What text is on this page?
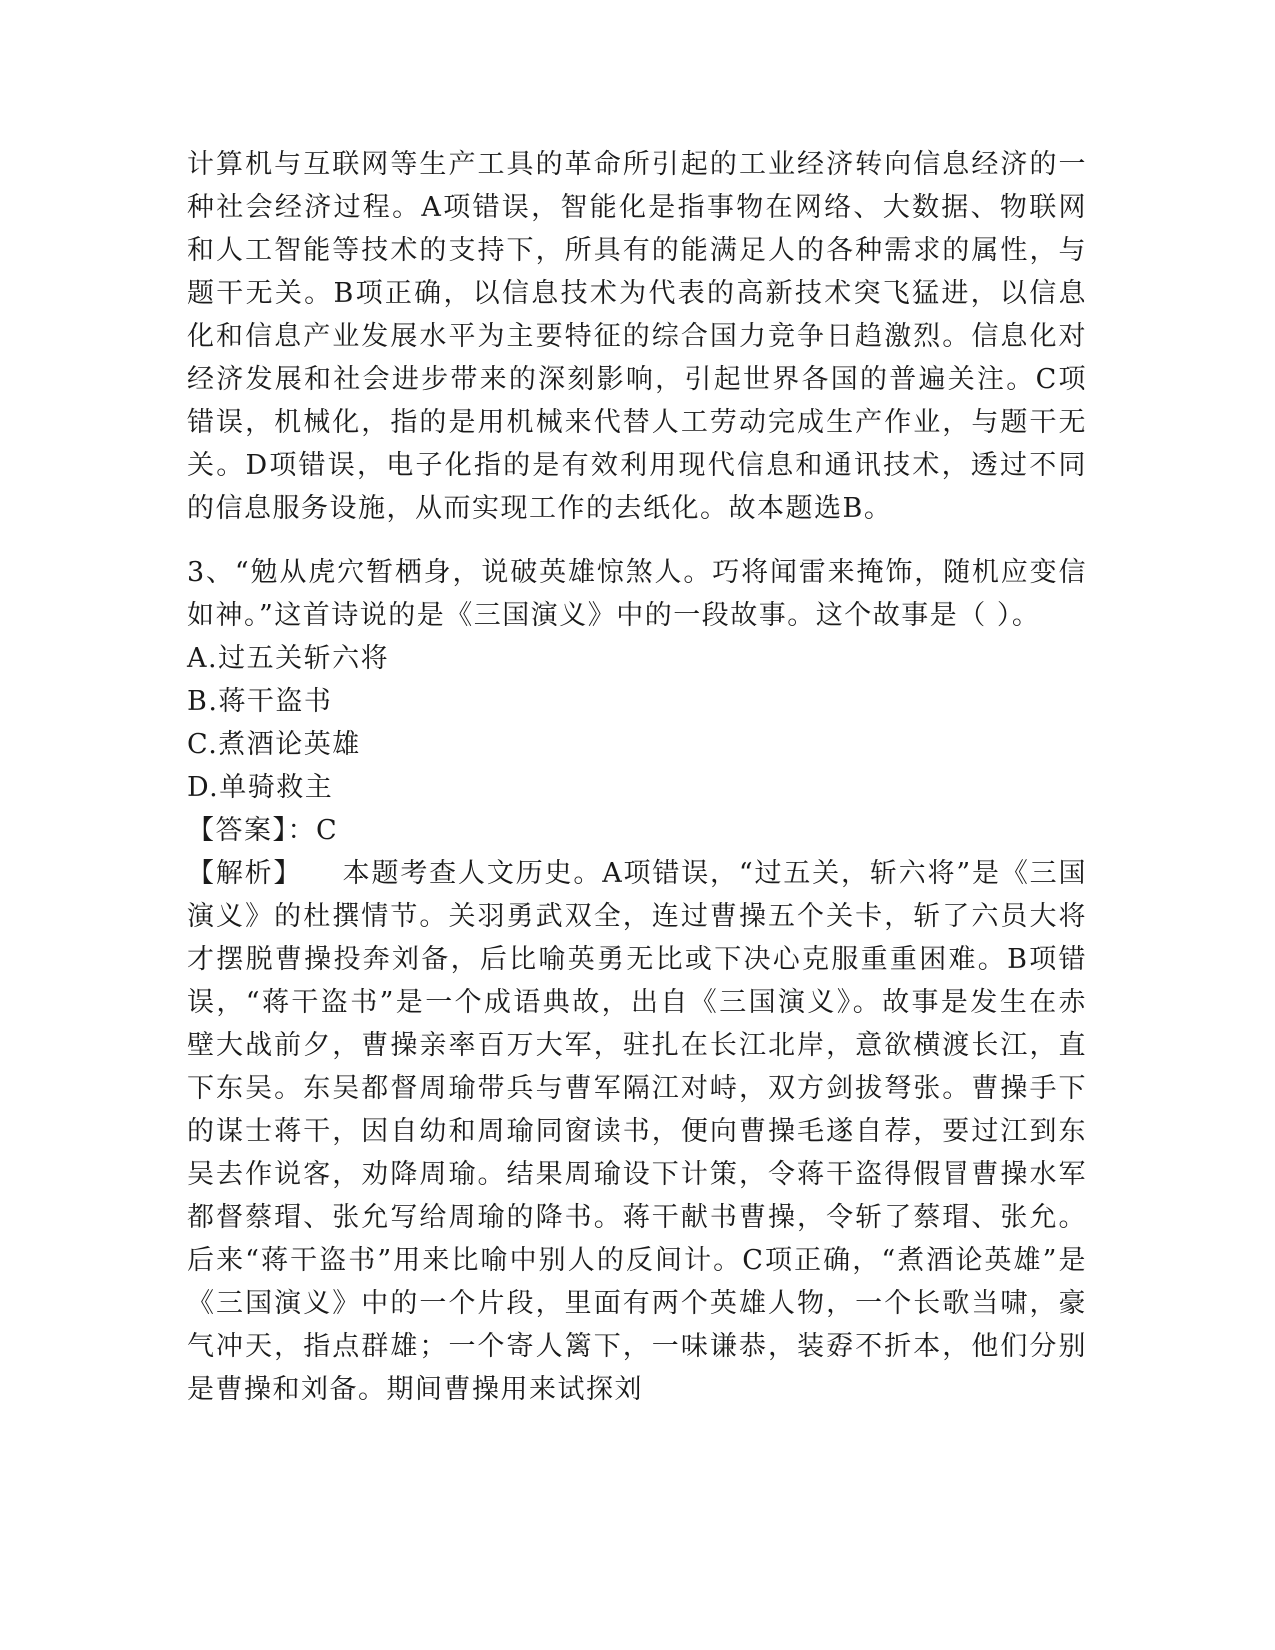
计算机与互联网等生产工具的革命所引起的工业经济转向信息经济的一种社会经济过程。A项错误，智能化是指事物在网络、大数据、物联网和人工智能等技术的支持下，所具有的能满足人的各种需求的属性，与题干无关。B项正确，以信息技术为代表的高新技术突飞猛进，以信息化和信息产业发展水平为主要特征的综合国力竞争日趋激烈。信息化对经济发展和社会进步带来的深刻影响，引起世界各国的普遍关注。C项错误，机械化，指的是用机械来代替人工劳动完成生产作业，与题干无关。D项错误，电子化指的是有效利用现代信息和通讯技术，透过不同的信息服务设施，从而实现工作的去纸化。故本题选B。

3、“勉从虎穴暂栖身，说破英雄惊煞人。巧将闻雷来掩饰，随机应变信如神。”这首诗说的是《三国演义》中的一段故事。这个故事是（ ）。

A.过五关斩六将
B.蒋干盗书
C.煮酒论英雄
D.单骑救主
【答案】：C

【解析】 本题考查人文历史。A项错误，“过五关，斩六将”是《三国演义》的杜撰情节。关羽勇武双全，连过曹操五个关卡，斩了六员大将才摆脱曹操投奔刘备，后比喻英勇无比或下决心克服重重困难。B项错误，“蒋干盗书”是一个成语典故，出自《三国演义》。故事是发生在赤壁大战前夕，曹操亲率百万大军，驻扎在长江北岸，意欲横渡长江，直下东吴。东吴都督周瑜带兵与曹军隔江对峙，双方剑拔弩张。曹操手下的谋士蒋干，因自幼和周瑜同窗读书，便向曹操毛遂自荐，要过江到东吴去作说客，劝降周瑜。结果周瑜设下计策，令蒋干盗得假冒曹操水军都督蔡瑁、张允写给周瑜的降书。蒋干献书曹操，令斩了蔡瑁、张允。后来“蒋干盗书”用来比喻中别人的反间计。C项正确，“煮酒论英雄”是《三国演义》中的一个片段，里面有两个英雄人物，一个长歌当啸，豪气冲天，指点群雄；一个寄人篱下，一味谦恭，装孬不折本，他们分别是曹操和刘备。期间曹操用来试探刘
